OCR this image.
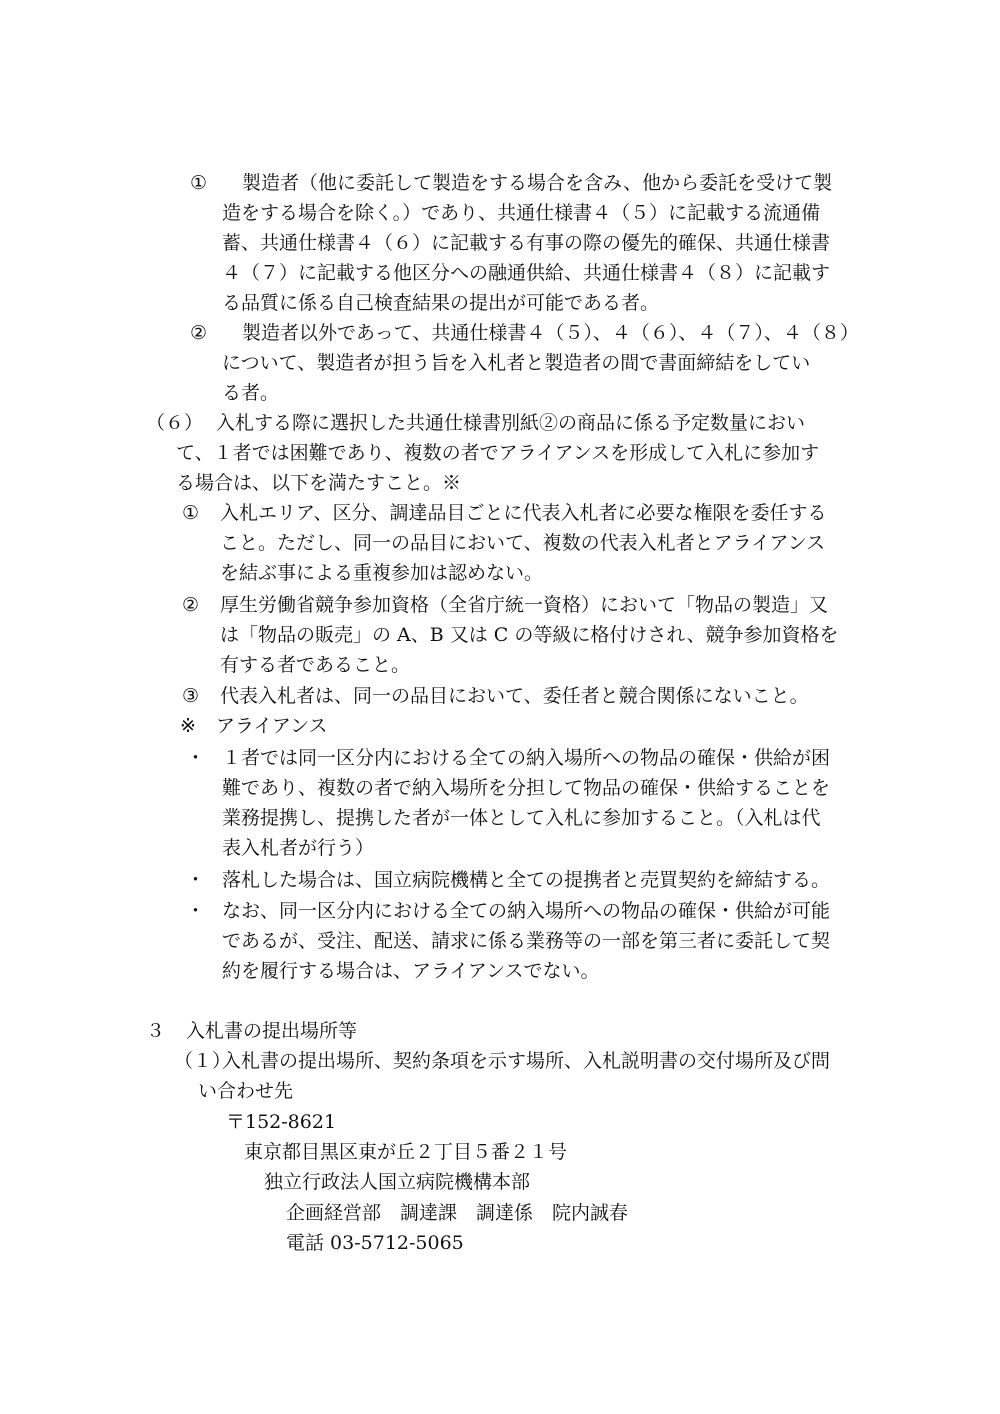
① 製造者（他に委託して製造をする場合を含み、他から委託を受けて製
造をする場合を除く。）であり、共通仕様書４（５）に記載する流通備
蓄、共通仕様書４（６）に記載する有事の際の優先的確保、共通仕様書
４（７）に記載する他区分への融通供給、共通仕様書４（８）に記載す
る品質に係る自己検査結果の提出が可能である者。
② 製造者以外であって、共通仕様書４（５）、４（６）、４（７）、４（８）
について、製造者が担う旨を入札者と製造者の間で書面締結をしてい
る者。
（６） 入札する際に選択した共通仕様書別紙②の商品に係る予定数量におい
て、１者では困難であり、複数の者でアライアンスを形成して入札に参加す
る場合は、以下を満たすこと。※
① 入札エリア、区分、調達品目ごとに代表入札者に必要な権限を委任する
こと。ただし、同一の品目において、複数の代表入札者とアライアンス
を結ぶ事による重複参加は認めない。
② 厚生労働省競争参加資格（全省庁統一資格）において「物品の製造」又
は「物品の販売」の A、B 又は C の等級に格付けされ、競争参加資格を
有する者であること。
③ 代表入札者は、同一の品目において、委任者と競合関係にないこと。
※ アライアンス
・ １者では同一区分内における全ての納入場所への物品の確保・供給が困
難であり、複数の者で納入場所を分担して物品の確保・供給することを
業務提携し、提携した者が一体として入札に参加すること。（入札は代
表入札者が行う）
・ 落札した場合は、国立病院機構と全ての提携者と売買契約を締結する。
・ なお、同一区分内における全ての納入場所への物品の確保・供給が可能
であるが、受注、配送、請求に係る業務等の一部を第三者に委託して契
約を履行する場合は、アライアンスでない。
３ 入札書の提出場所等
（１）
入札書の提出場所、契約条項を示す場所、入札説明書の交付場所及び問
い合わせ先
〒152-8621
東京都目黒区東が丘２丁目５番２１号
独立行政法人国立病院機構本部
企画経営部　調達課　調達係　院内誠春
電話 03-5712-5065
